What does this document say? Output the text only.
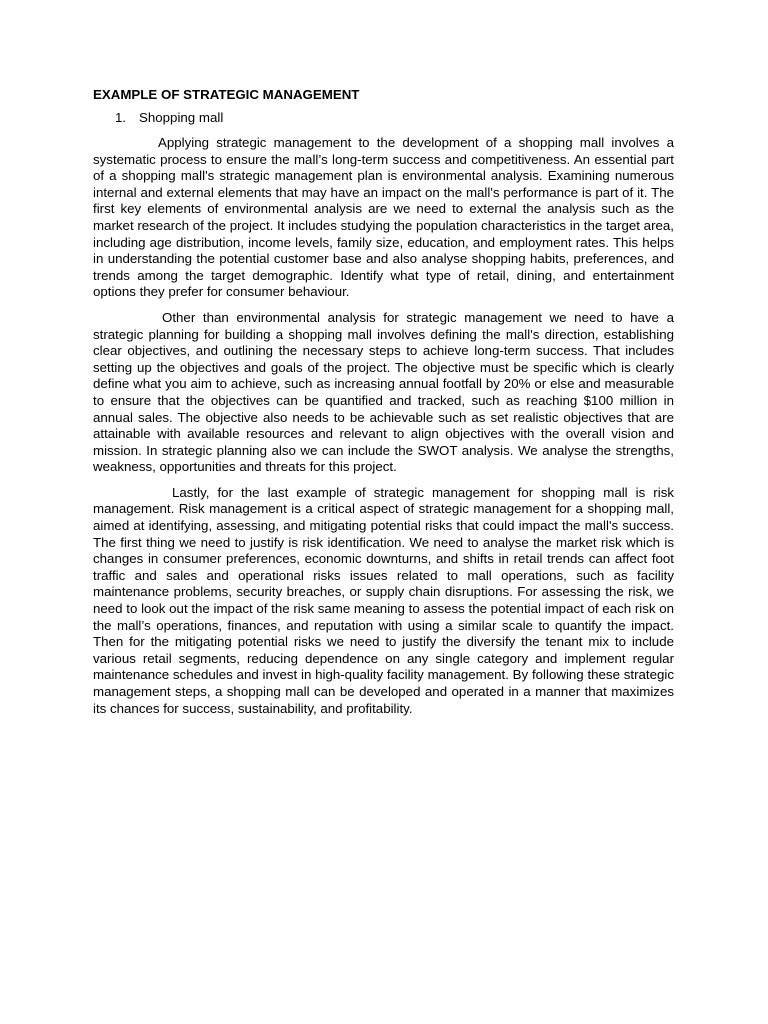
EXAMPLE OF STRATEGIC MANAGEMENT
1. Shopping mall

Applying strategic management to the development of a shopping mall involves a systematic process to ensure the mall’s long-term success and competitiveness. An essential part of a shopping mall's strategic management plan is environmental analysis. Examining numerous internal and external elements that may have an impact on the mall's performance is part of it. The first key elements of environmental analysis are we need to external the analysis such as the market research of the project. It includes studying the population characteristics in the target area, including age distribution, income levels, family size, education, and employment rates. This helps in understanding the potential customer base and also analyse shopping habits, preferences, and trends among the target demographic. Identify what type of retail, dining, and entertainment options they prefer for consumer behaviour.

Other than environmental analysis for strategic management we need to have a strategic planning for building a shopping mall involves defining the mall's direction, establishing clear objectives, and outlining the necessary steps to achieve long-term success. That includes setting up the objectives and goals of the project. The objective must be specific which is clearly define what you aim to achieve, such as increasing annual footfall by 20% or else and measurable to ensure that the objectives can be quantified and tracked, such as reaching $100 million in annual sales. The objective also needs to be achievable such as set realistic objectives that are attainable with available resources and relevant to align objectives with the overall vision and mission. In strategic planning also we can include the SWOT analysis. We analyse the strengths, weakness, opportunities and threats for this project.

Lastly, for the last example of strategic management for shopping mall is risk management. Risk management is a critical aspect of strategic management for a shopping mall, aimed at identifying, assessing, and mitigating potential risks that could impact the mall's success. The first thing we need to justify is risk identification. We need to analyse the market risk which is changes in consumer preferences, economic downturns, and shifts in retail trends can affect foot traffic and sales and operational risks issues related to mall operations, such as facility maintenance problems, security breaches, or supply chain disruptions. For assessing the risk, we need to look out the impact of the risk same meaning to assess the potential impact of each risk on the mall’s operations, finances, and reputation with using a similar scale to quantify the impact. Then for the mitigating potential risks we need to justify the diversify the tenant mix to include various retail segments, reducing dependence on any single category and implement regular maintenance schedules and invest in high-quality facility management. By following these strategic management steps, a shopping mall can be developed and operated in a manner that maximizes its chances for success, sustainability, and profitability.
